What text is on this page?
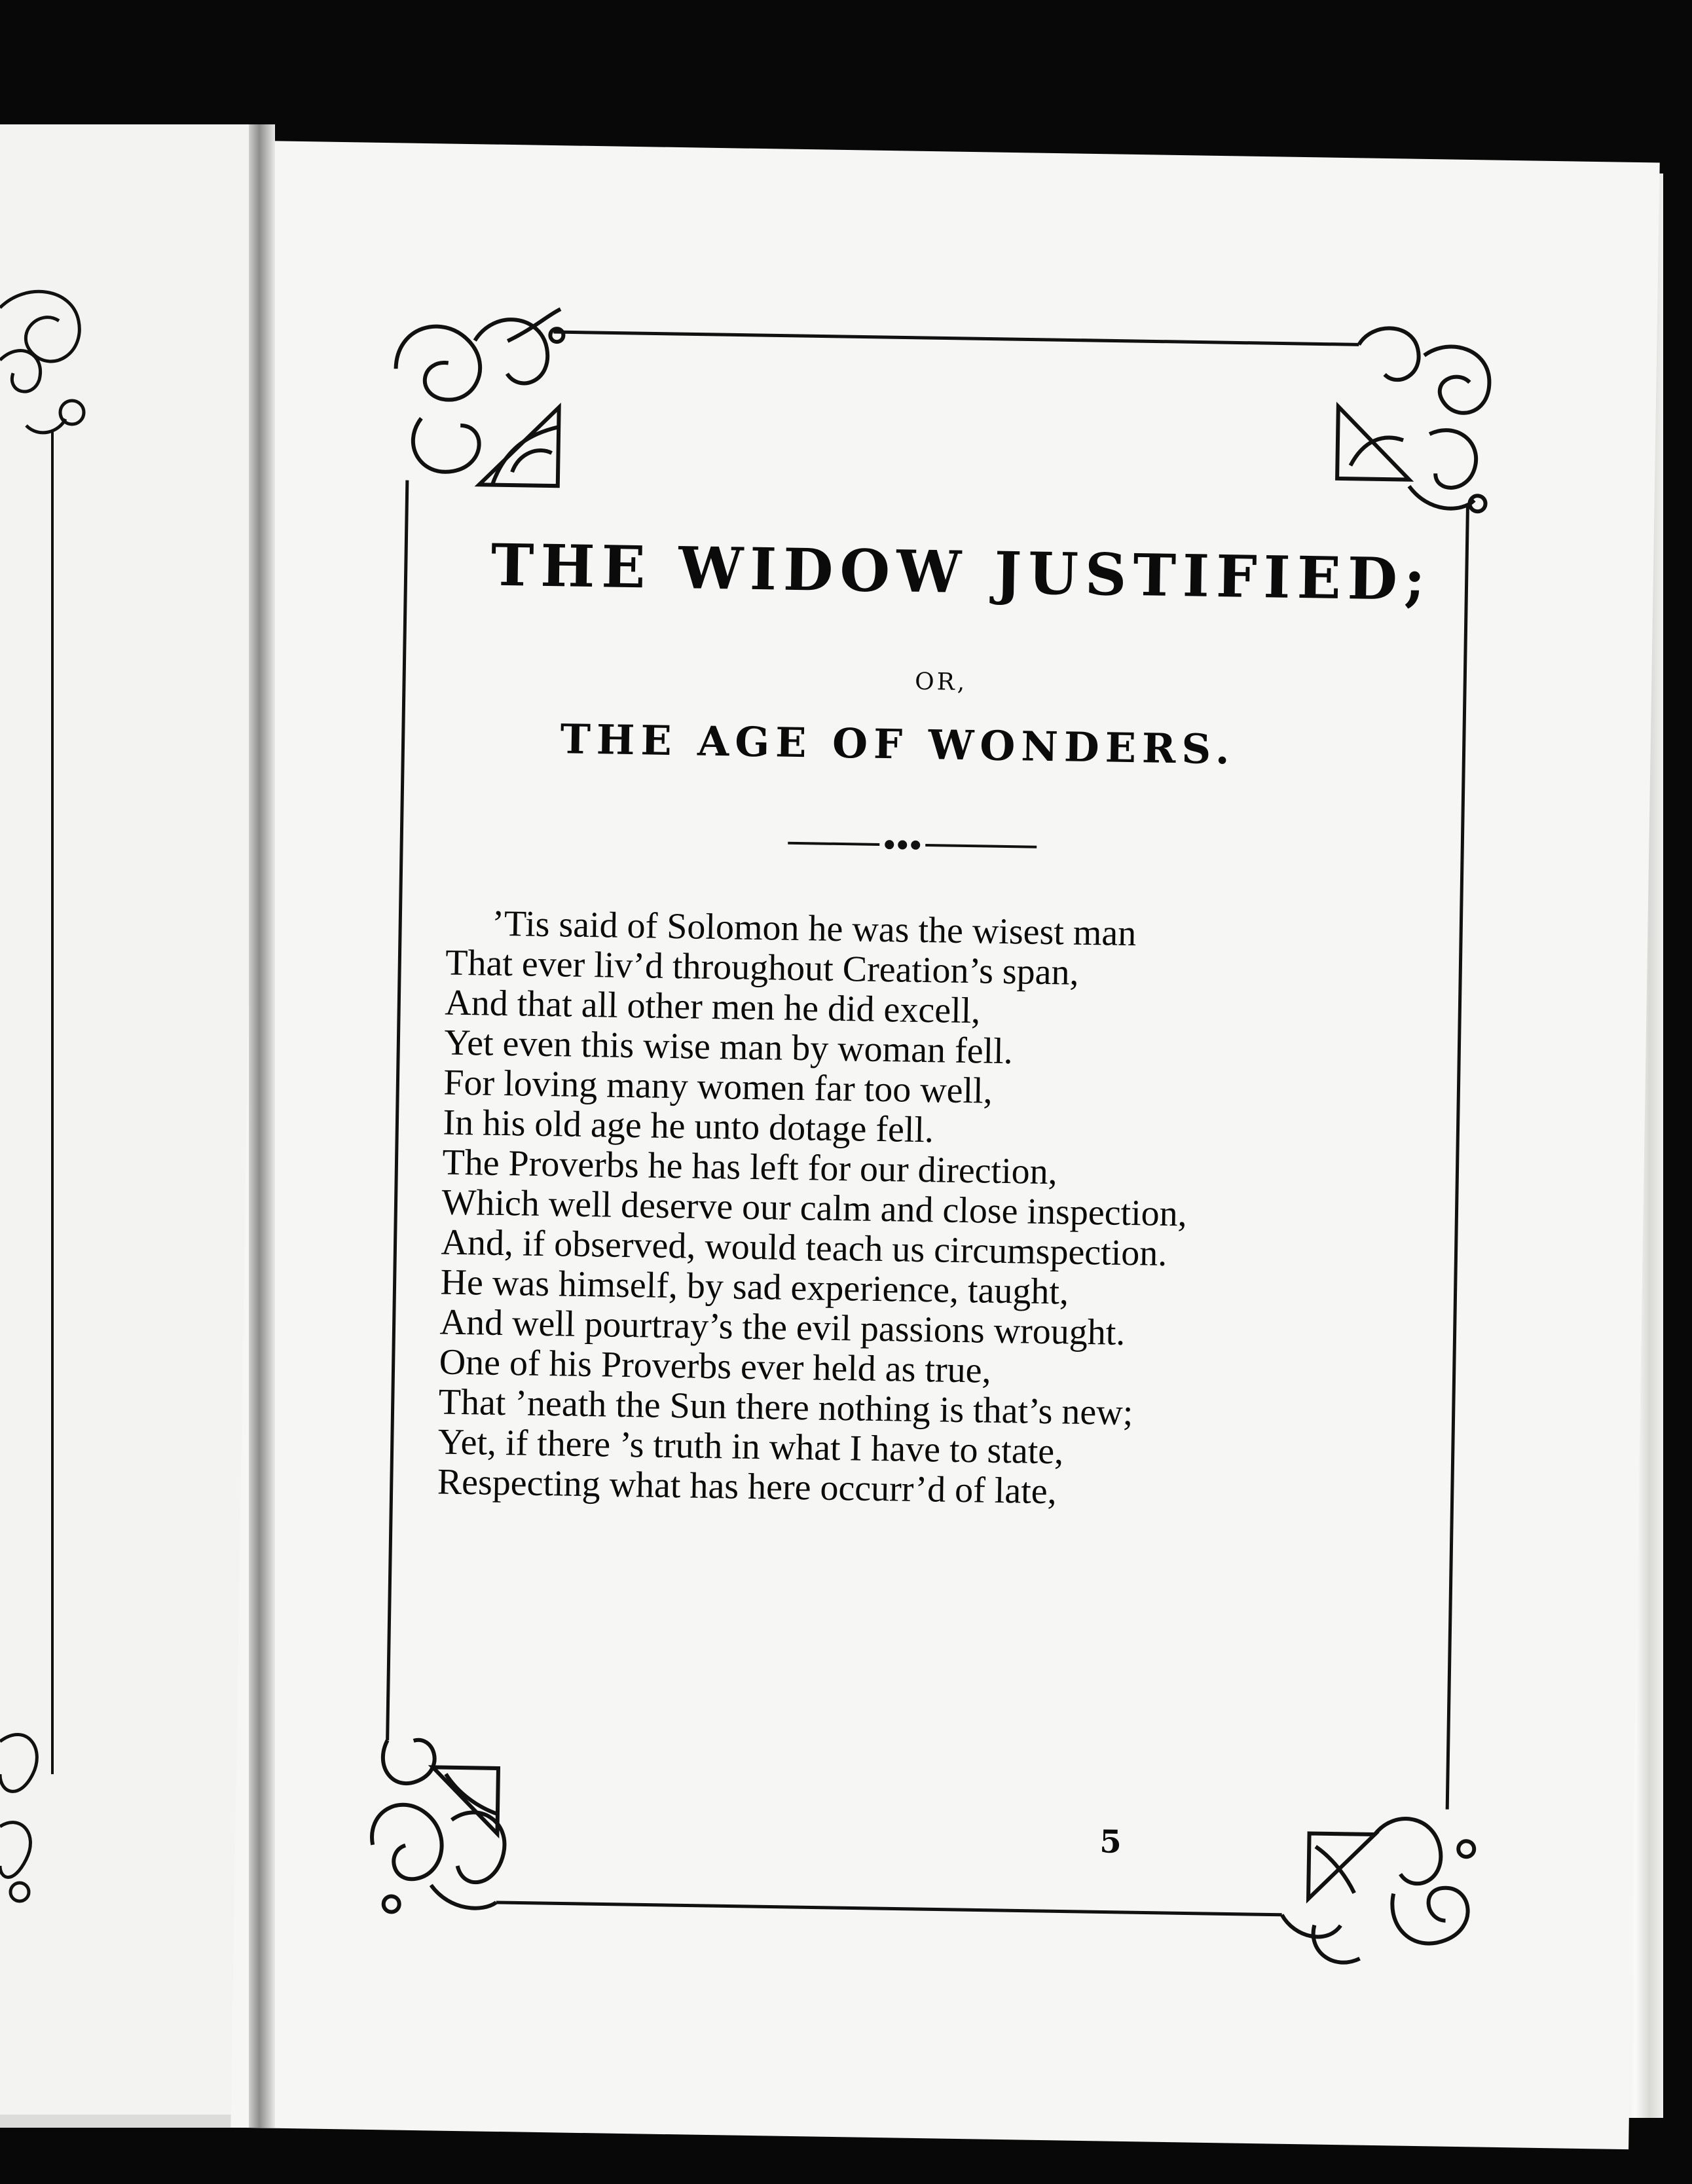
THE WIDOW JUSTIFIED;
OR,
THE AGE OF WONDERS.
’Tis said of Solomon he was the wisest man
That ever liv’d throughout Creation’s span,
And that all other men he did excell,
Yet even this wise man by woman fell.
For loving many women far too well,
In his old age he unto dotage fell.
The Proverbs he has left for our direction,
Which well deserve our calm and close inspection,
And, if observed, would teach us circumspection.
He was himself, by sad experience, taught,
And well pourtray’s the evil passions wrought.
One of his Proverbs ever held as true,
That ’neath the Sun there nothing is that’s new;
Yet, if there ’s truth in what I have to state,
Respecting what has here occurr’d of late,
5
